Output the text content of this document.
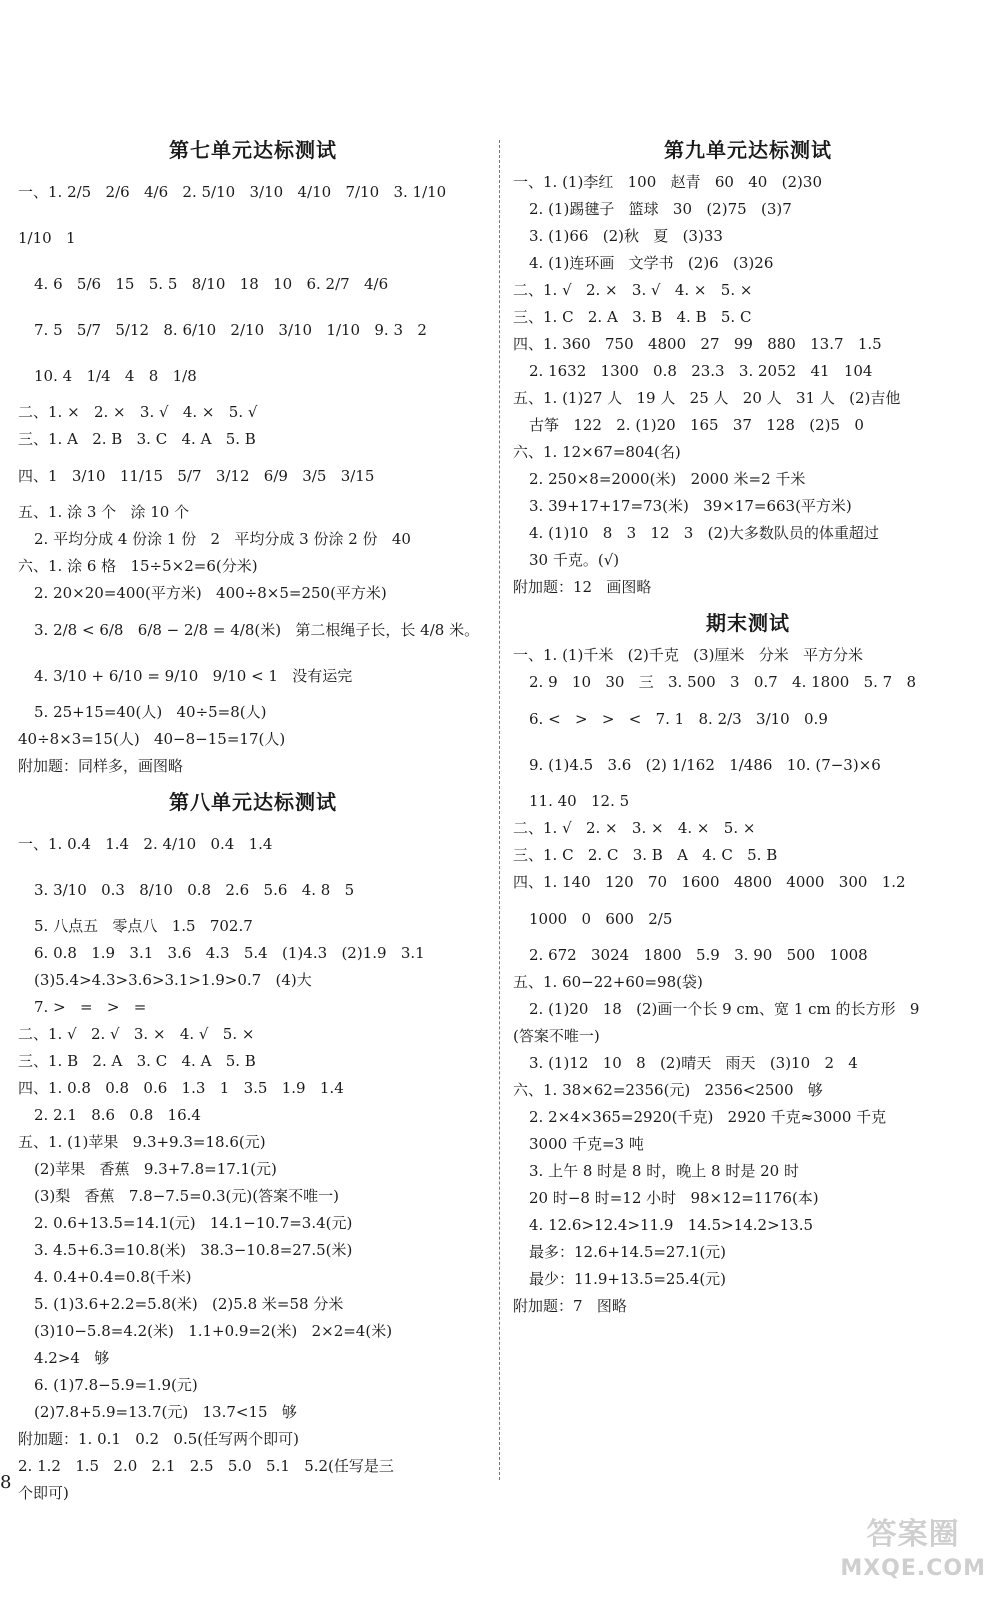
第七单元达标测试
一、1. 2/5   2/6   4/6   2. 5/10   3/10   4/10   7/10   3. 1/10   1/10   1
4. 6   5/6   15   5. 5   8/10   18   10   6. 2/7   4/6
7. 5   5/7   5/12   8. 6/10   2/10   3/10   1/10   9. 3   2
10. 4   1/4   4   8   1/8
二、1. ×   2. ×   3. √   4. ×   5. √
三、1. A   2. B   3. C   4. A   5. B
四、1   3/10   11/15   5/7   3/12   6/9   3/5   3/15
五、1. 涂 3 个   涂 10 个
2. 平均分成 4 份涂 1 份   2   平均分成 3 份涂 2 份   40
六、1. 涂 6 格   15÷5×2=6(分米)
2. 20×20=400(平方米)   400÷8×5=250(平方米)
3. 2/8 < 6/8   6/8 − 2/8 = 4/8(米)   第二根绳子长，长 4/8 米。
4. 3/10 + 6/10 = 9/10   9/10 < 1   没有运完
5. 25+15=40(人)   40÷5=8(人)
40÷8×3=15(人)   40−8−15=17(人)
附加题：同样多，画图略
第八单元达标测试
一、1. 0.4   1.4   2. 4/10   0.4   1.4
3. 3/10   0.3   8/10   0.8   2.6   5.6   4. 8   5
5. 八点五   零点八   1.5   702.7
6. 0.8   1.9   3.1   3.6   4.3   5.4   (1)4.3   (2)1.9   3.1
(3)5.4>4.3>3.6>3.1>1.9>0.7   (4)大
7. >   =   >   =
二、1. √   2. √   3. ×   4. √   5. ×
三、1. B   2. A   3. C   4. A   5. B
四、1. 0.8   0.8   0.6   1.3   1   3.5   1.9   1.4
2. 2.1   8.6   0.8   16.4
五、1. (1)苹果   9.3+9.3=18.6(元)
(2)苹果   香蕉   9.3+7.8=17.1(元)
(3)梨   香蕉   7.8−7.5=0.3(元)(答案不唯一)
2. 0.6+13.5=14.1(元)   14.1−10.7=3.4(元)
3. 4.5+6.3=10.8(米)   38.3−10.8=27.5(米)
4. 0.4+0.4=0.8(千米)
5. (1)3.6+2.2=5.8(米)   (2)5.8 米=58 分米
(3)10−5.8=4.2(米)   1.1+0.9=2(米)   2×2=4(米)
4.2>4   够
6. (1)7.8−5.9=1.9(元)
(2)7.8+5.9=13.7(元)   13.7<15   够
附加题：1. 0.1   0.2   0.5(任写两个即可)
2. 1.2   1.5   2.0   2.1   2.5   5.0   5.1   5.2(任写是三
个即可)
第九单元达标测试
一、1. (1)李红   100   赵青   60   40   (2)30
2. (1)踢毽子   篮球   30   (2)75   (3)7
3. (1)66   (2)秋   夏   (3)33
4. (1)连环画   文学书   (2)6   (3)26
二、1. √   2. ×   3. √   4. ×   5. ×
三、1. C   2. A   3. B   4. B   5. C
四、1. 360   750   4800   27   99   880   13.7   1.5
2. 1632   1300   0.8   23.3   3. 2052   41   104
五、1. (1)27 人   19 人   25 人   20 人   31 人   (2)吉他
古筝   122   2. (1)20   165   37   128   (2)5   0
六、1. 12×67=804(名)
2. 250×8=2000(米)   2000 米=2 千米
3. 39+17+17=73(米)   39×17=663(平方米)
4. (1)10   8   3   12   3   (2)大多数队员的体重超过
30 千克。(√)
附加题：12   画图略
期末测试
一、1. (1)千米   (2)千克   (3)厘米   分米   平方分米
2. 9   10   30   三   3. 500   3   0.7   4. 1800   5. 7   8
6. <   >   >   <   7. 1   8. 2/3   3/10   0.9
9. (1)4.5   3.6   (2) 1/162   1/486   10. (7−3)×6
11. 40   12. 5
二、1. √   2. ×   3. ×   4. ×   5. ×
三、1. C   2. C   3. B   A   4. C   5. B
四、1. 140   120   70   1600   4800   4000   300   1.2
1000   0   600   2/5
2. 672   3024   1800   5.9   3. 90   500   1008
五、1. 60−22+60=98(袋)
2. (1)20   18   (2)画一个长 9 cm、宽 1 cm 的长方形   9
(答案不唯一)
3. (1)12   10   8   (2)晴天   雨天   (3)10   2   4
六、1. 38×62=2356(元)   2356<2500   够
2. 2×4×365=2920(千克)   2920 千克≈3000 千克
3000 千克=3 吨
3. 上午 8 时是 8 时，晚上 8 时是 20 时
20 时−8 时=12 小时   98×12=1176(本)
4. 12.6>12.4>11.9   14.5>14.2>13.5
最多：12.6+14.5=27.1(元)
最少：11.9+13.5=25.4(元)
附加题：7   图略
8
答案圈
MXQE.COM
